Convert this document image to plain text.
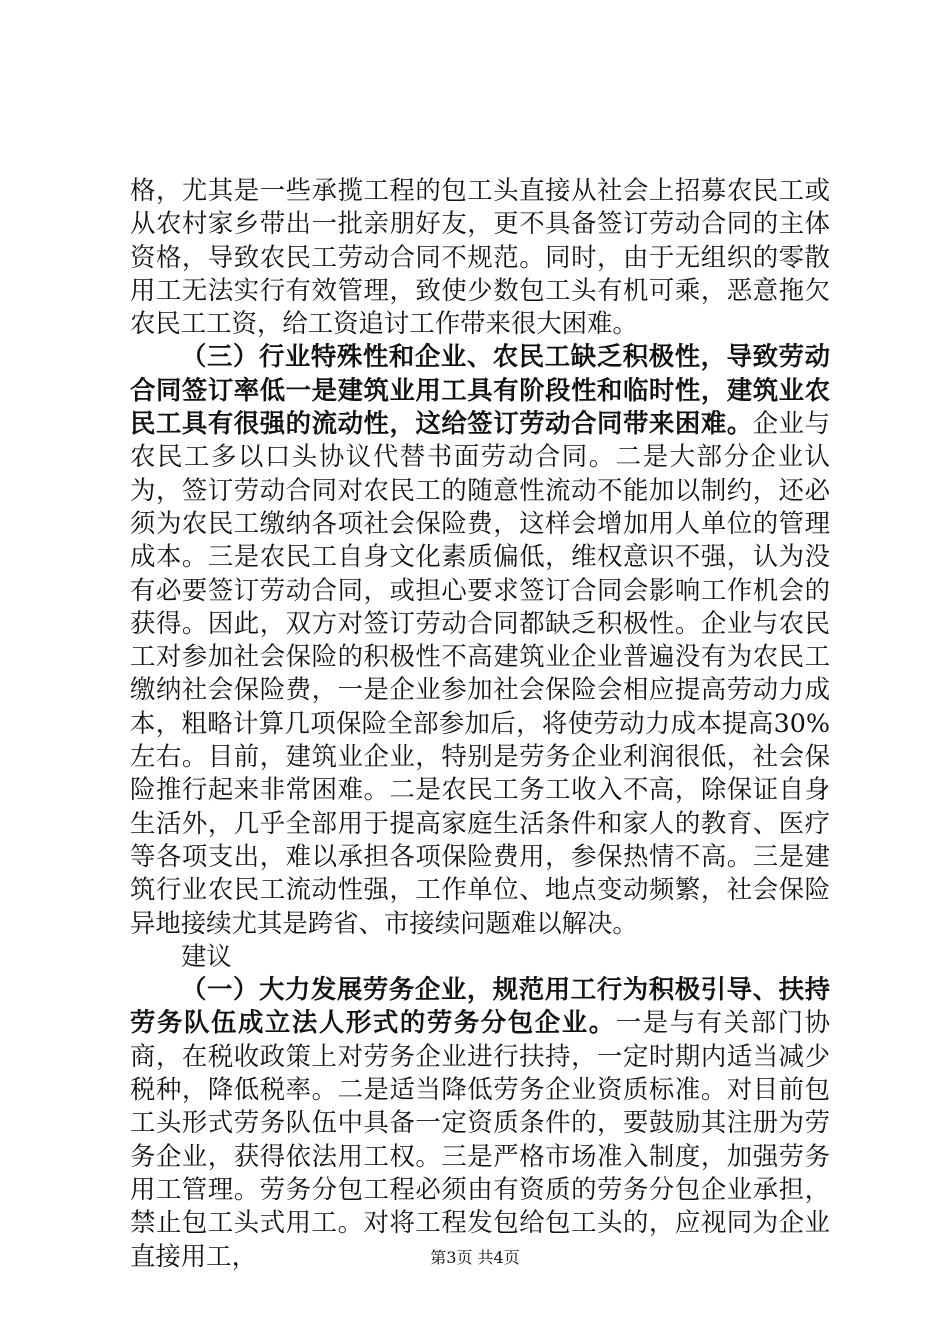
格，尤其是一些承揽工程的包工头直接从社会上招募农民工或从农村家乡带出一批亲朋好友，更不具备签订劳动合同的主体资格，导致农民工劳动合同不规范。同时，由于无组织的零散用工无法实行有效管理，致使少数包工头有机可乘，恶意拖欠农民工工资，给工资追讨工作带来很大困难。

（三）行业特殊性和企业、农民工缺乏积极性，导致劳动合同签订率低一是建筑业用工具有阶段性和临时性，建筑业农民工具有很强的流动性，这给签订劳动合同带来困难。企业与农民工多以口头协议代替书面劳动合同。二是大部分企业认为，签订劳动合同对农民工的随意性流动不能加以制约，还必须为农民工缴纳各项社会保险费，这样会增加用人单位的管理成本。三是农民工自身文化素质偏低，维权意识不强，认为没有必要签订劳动合同，或担心要求签订合同会影响工作机会的获得。因此，双方对签订劳动合同都缺乏积极性。企业与农民工对参加社会保险的积极性不高建筑业企业普遍没有为农民工缴纳社会保险费，一是企业参加社会保险会相应提高劳动力成本，粗略计算几项保险全部参加后，将使劳动力成本提高30%左右。目前，建筑业企业，特别是劳务企业利润很低，社会保险推行起来非常困难。二是农民工务工收入不高，除保证自身生活外，几乎全部用于提高家庭生活条件和家人的教育、医疗等各项支出，难以承担各项保险费用，参保热情不高。三是建筑行业农民工流动性强，工作单位、地点变动频繁，社会保险异地接续尤其是跨省、市接续问题难以解决。

建议

（一）大力发展劳务企业，规范用工行为积极引导、扶持劳务队伍成立法人形式的劳务分包企业。一是与有关部门协商，在税收政策上对劳务企业进行扶持，一定时期内适当减少税种，降低税率。二是适当降低劳务企业资质标准。对目前包工头形式劳务队伍中具备一定资质条件的，要鼓励其注册为劳务企业，获得依法用工权。三是严格市场准入制度，加强劳务用工管理。劳务分包工程必须由有资质的劳务分包企业承担，禁止包工头式用工。对将工程发包给包工头的，应视同为企业直接用工，	第3页 共4页
